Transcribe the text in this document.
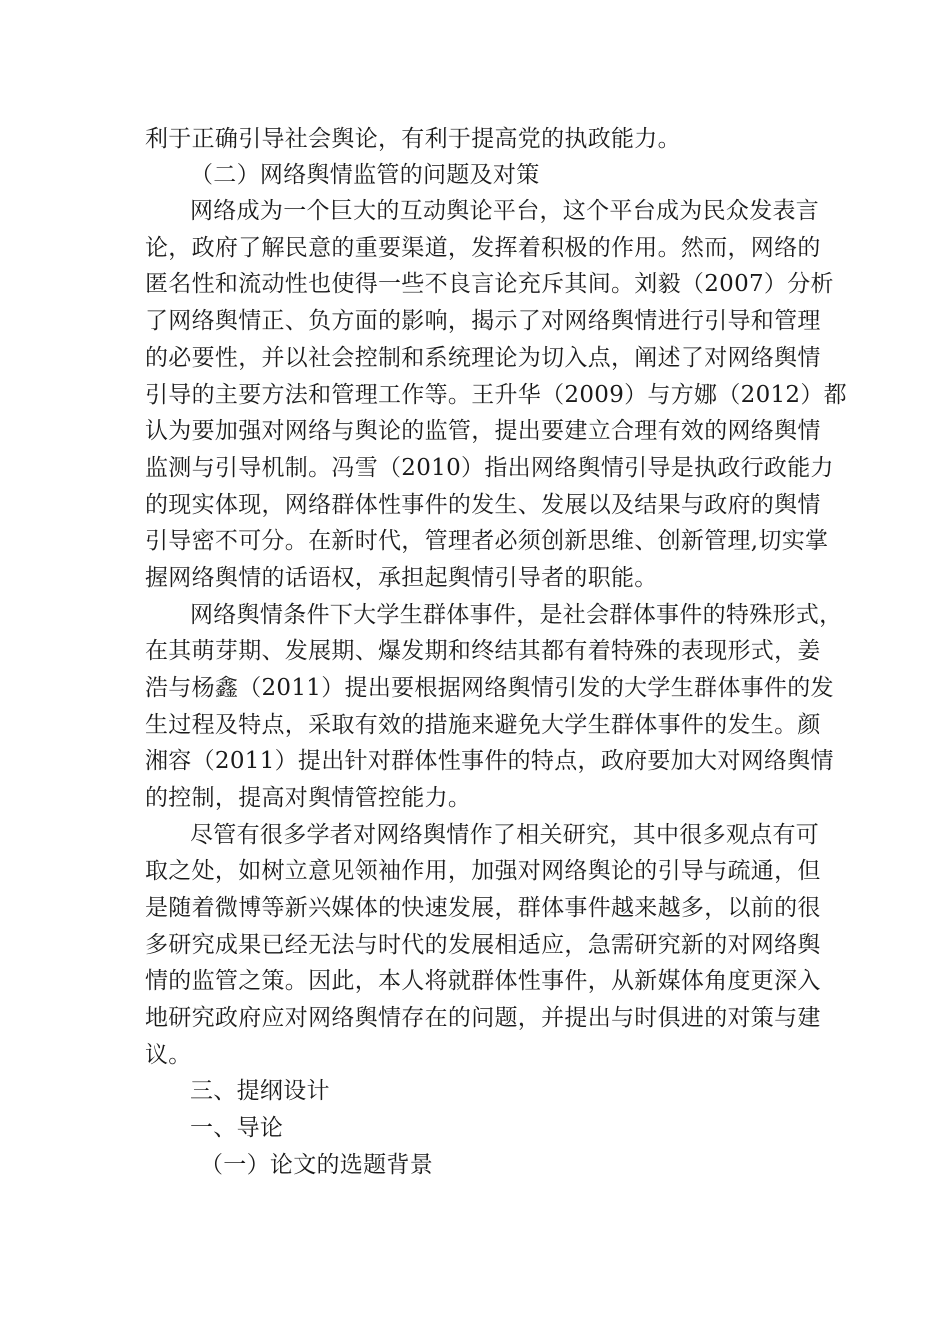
利于正确引导社会舆论，有利于提高党的执政能力。
（二）网络舆情监管的问题及对策
网络成为一个巨大的互动舆论平台，这个平台成为民众发表言
论，政府了解民意的重要渠道，发挥着积极的作用。然而，网络的
匿名性和流动性也使得一些不良言论充斥其间。刘毅（2007）分析
了网络舆情正、负方面的影响，揭示了对网络舆情进行引导和管理
的必要性，并以社会控制和系统理论为切入点，阐述了对网络舆情
引导的主要方法和管理工作等。王升华（2009）与方娜（2012）都
认为要加强对网络与舆论的监管，提出要建立合理有效的网络舆情
监测与引导机制。冯雪（2010）指出网络舆情引导是执政行政能力
的现实体现，网络群体性事件的发生、发展以及结果与政府的舆情
引导密不可分。在新时代，管理者必须创新思维、创新管理,切实掌
握网络舆情的话语权，承担起舆情引导者的职能。
网络舆情条件下大学生群体事件，是社会群体事件的特殊形式，
在其萌芽期、发展期、爆发期和终结其都有着特殊的表现形式，姜
浩与杨鑫（2011）提出要根据网络舆情引发的大学生群体事件的发
生过程及特点，采取有效的措施来避免大学生群体事件的发生。颜
湘容（2011）提出针对群体性事件的特点，政府要加大对网络舆情
的控制，提高对舆情管控能力。
尽管有很多学者对网络舆情作了相关研究，其中很多观点有可
取之处，如树立意见领袖作用，加强对网络舆论的引导与疏通，但
是随着微博等新兴媒体的快速发展，群体事件越来越多，以前的很
多研究成果已经无法与时代的发展相适应，急需研究新的对网络舆
情的监管之策。因此，本人将就群体性事件，从新媒体角度更深入
地研究政府应对网络舆情存在的问题，并提出与时俱进的对策与建
议。
三、提纲设计
一、导论
（一）论文的选题背景
